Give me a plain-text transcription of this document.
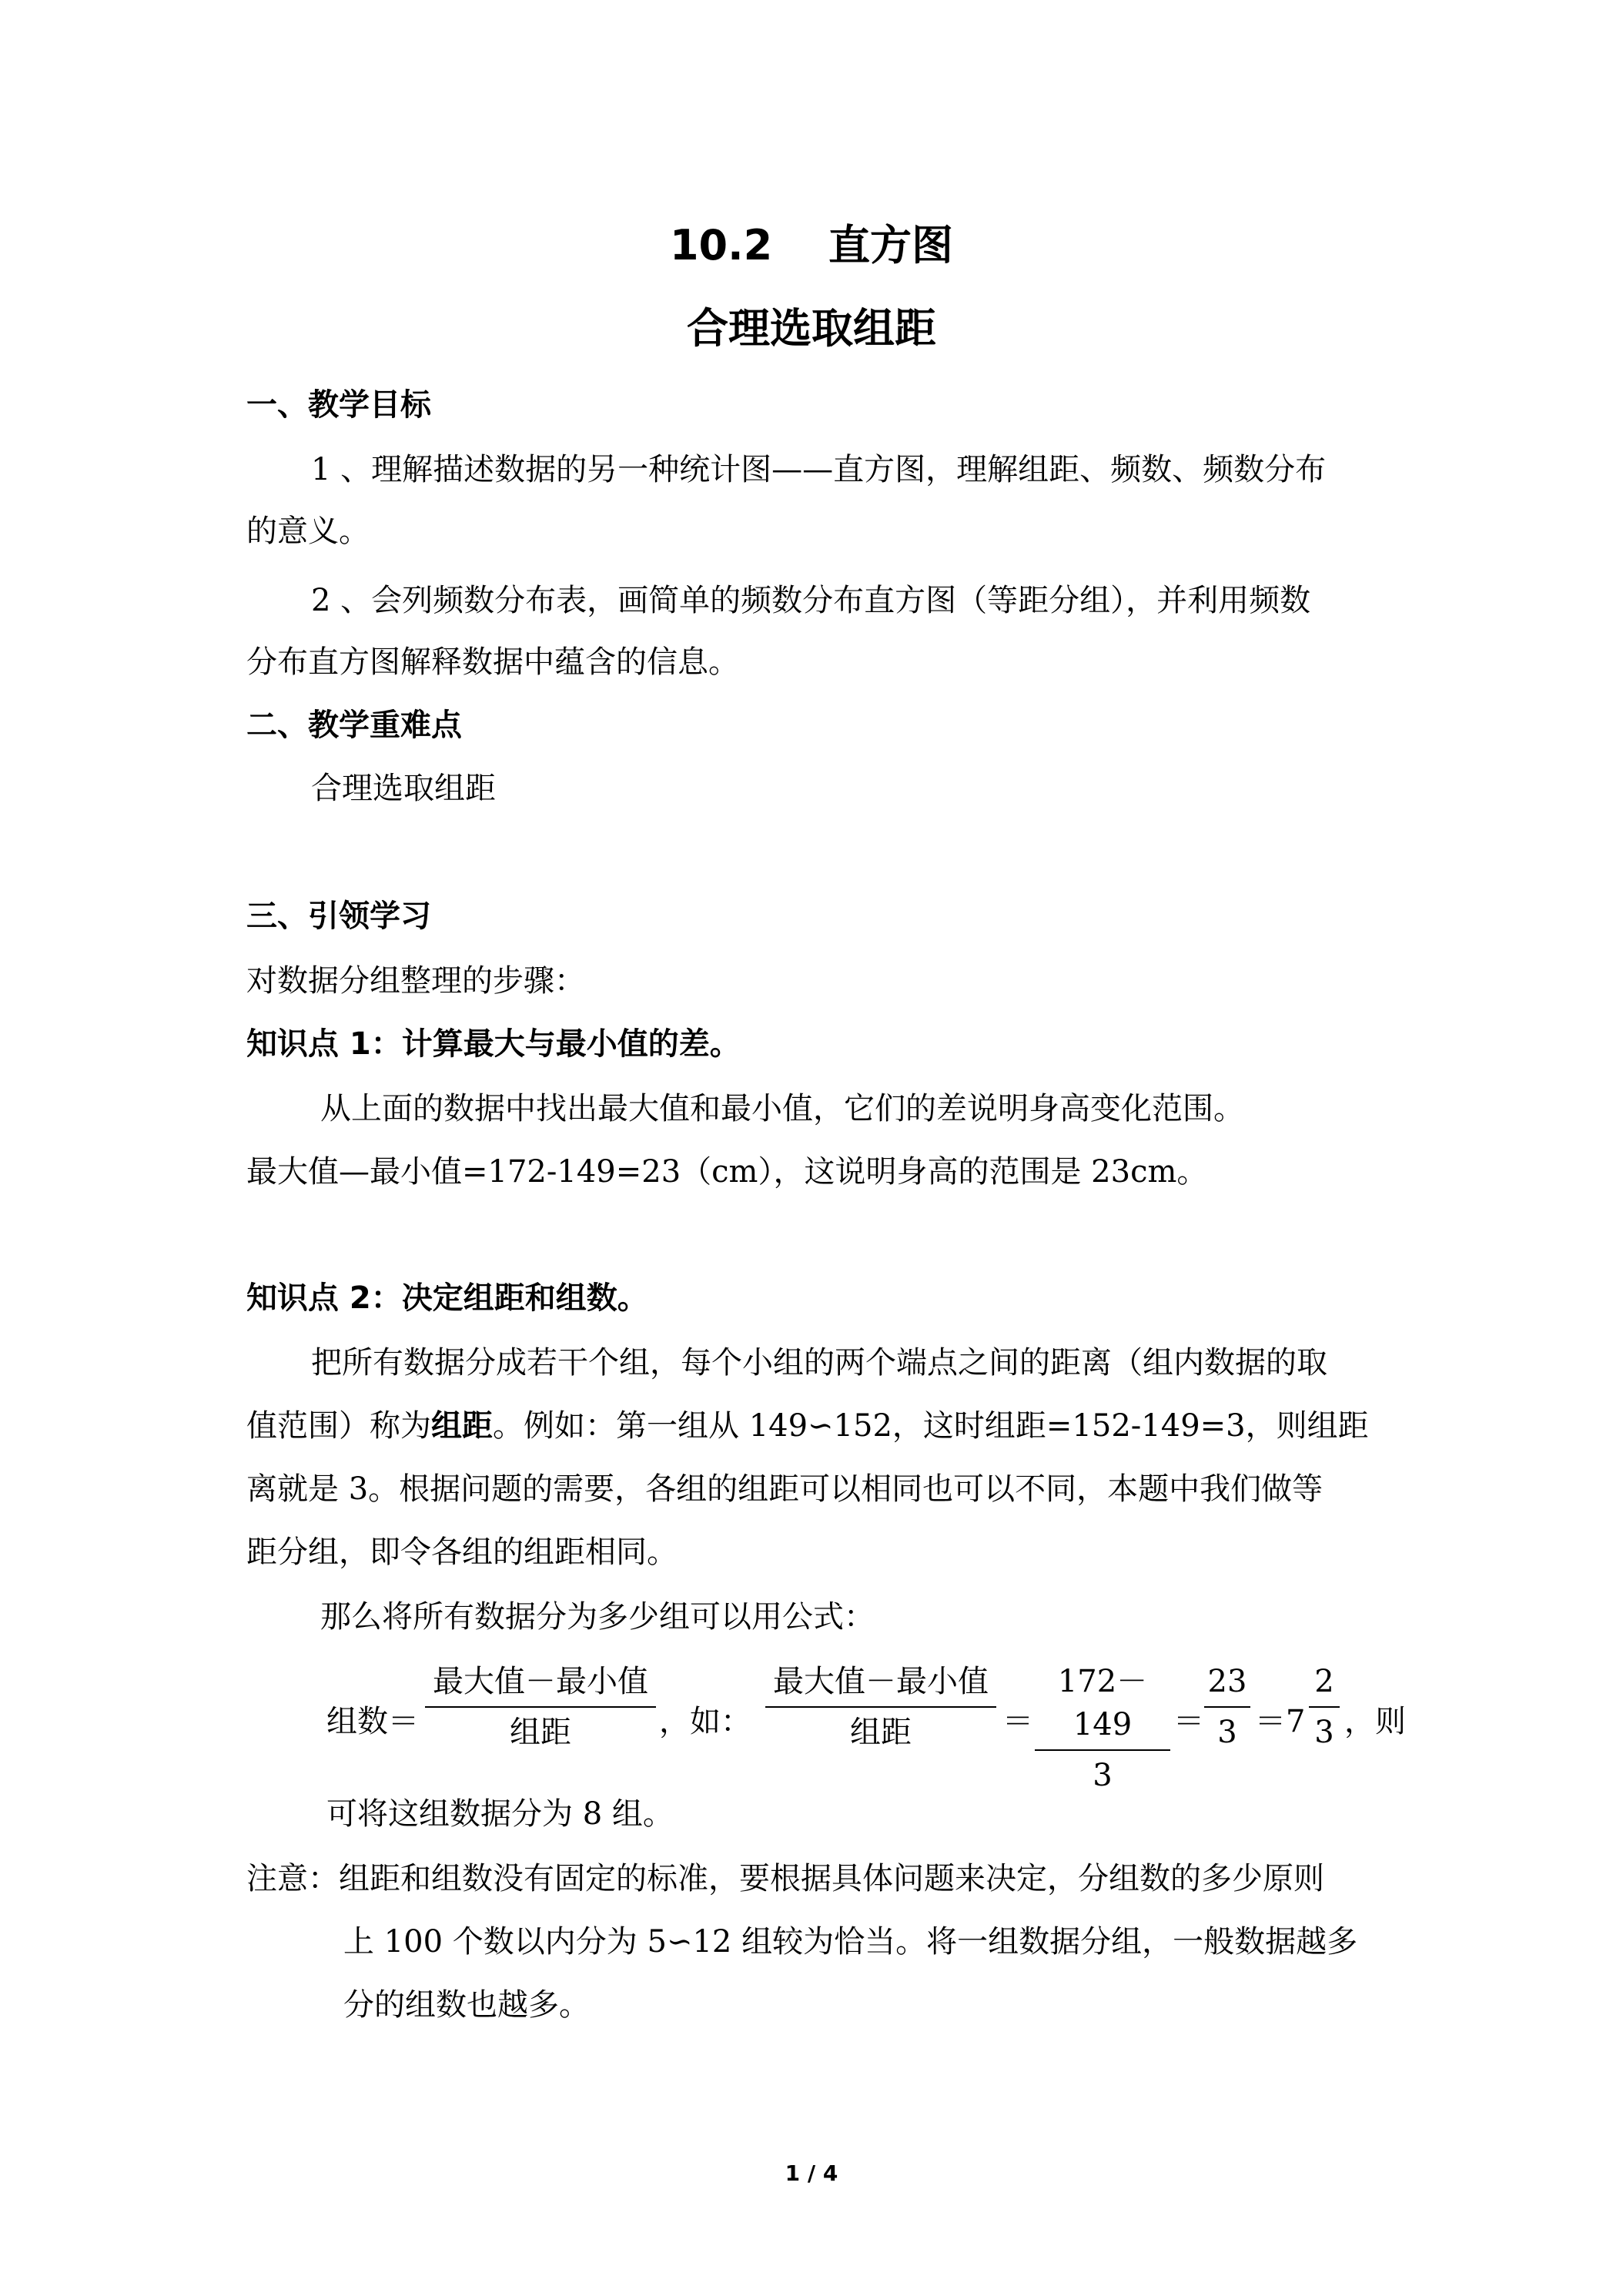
10.2　 直方图
合理选取组距
一、教学目标
1 、理解描述数据的另一种统计图——直方图，理解组距、频数、频数分布
的意义。
2 、会列频数分布表，画简单的频数分布直方图（等距分组），并利用频数
分布直方图解释数据中蕴含的信息。
二、教学重难点
合理选取组距
三、引领学习
对数据分组整理的步骤：
知识点 1：计算最大与最小值的差。
从上面的数据中找出最大值和最小值，它们的差说明身高变化范围。
最大值—最小值=172-149=23（cm），这说明身高的范围是 23cm。
知识点 2：决定组距和组数。
把所有数据分成若干个组，每个小组的两个端点之间的距离（组内数据的取
值范围）称为组距。例如：第一组从 149∽152，这时组距=152-149=3，则组距
离就是 3。根据问题的需要，各组的组距可以相同也可以不同，本题中我们做等
距分组，即令各组的组距相同。
那么将所有数据分为多少组可以用公式：
组数＝
最大值－最小值
组距	，如：
最大值－最小值
组距	＝
172－149
3
＝
23
3 ＝7
2
3 ，则
可将这组数据分为 8 组。
注意：组距和组数没有固定的标准，要根据具体问题来决定，分组数的多少原则
上 100 个数以内分为 5∽12 组较为恰当。将一组数据分组，一般数据越多
分的组数也越多。
1 / 4
